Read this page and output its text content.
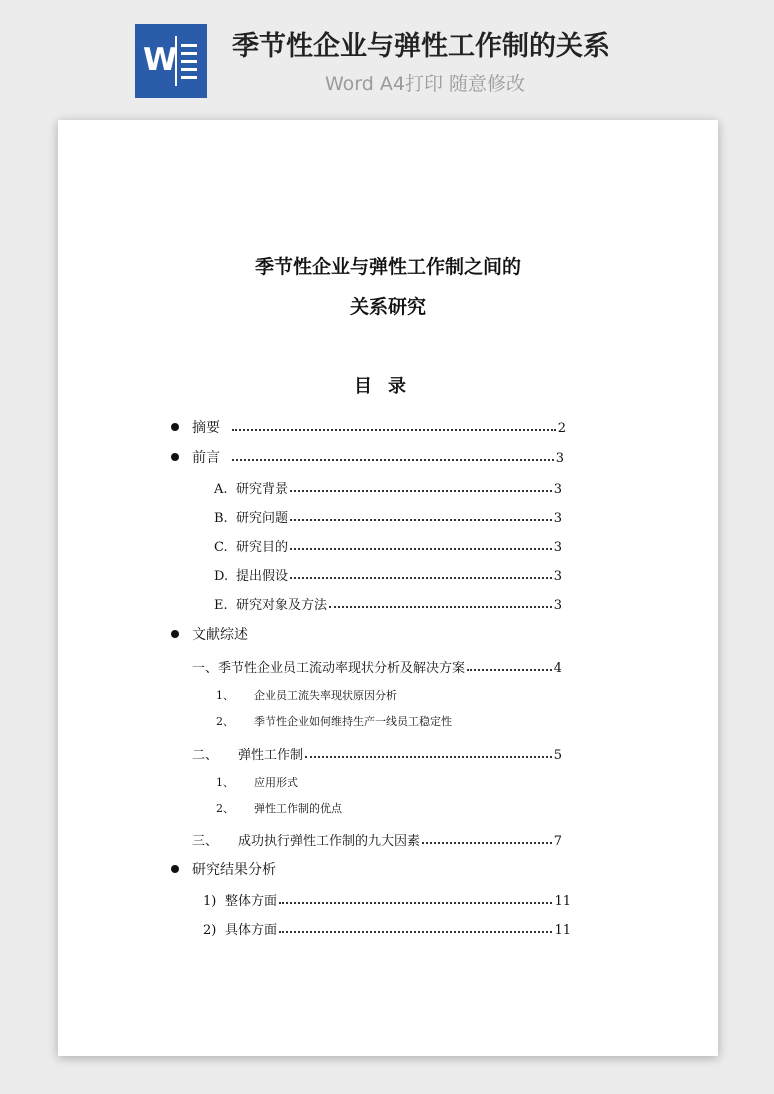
W 季节性企业与弹性工作制的关系
Word A4打印 随意修改
季节性企业与弹性工作制之间的
关系研究
目录
摘要	2
前言	3
A. 研究背景	3
B. 研究问题	3
C. 研究目的	3
D. 提出假设	3
E. 研究对象及方法	3
文献综述
一、季节性企业员工流动率现状分析及解决方案	4
1、	企业员工流失率现状原因分析
2、	季节性企业如何维持生产一线员工稳定性
二、	弹性工作制	5
1、	应用形式
2、	弹性工作制的优点
三、	成功执行弹性工作制的九大因素	7
研究结果分析
1) 整体方面	11
2) 具体方面	11
